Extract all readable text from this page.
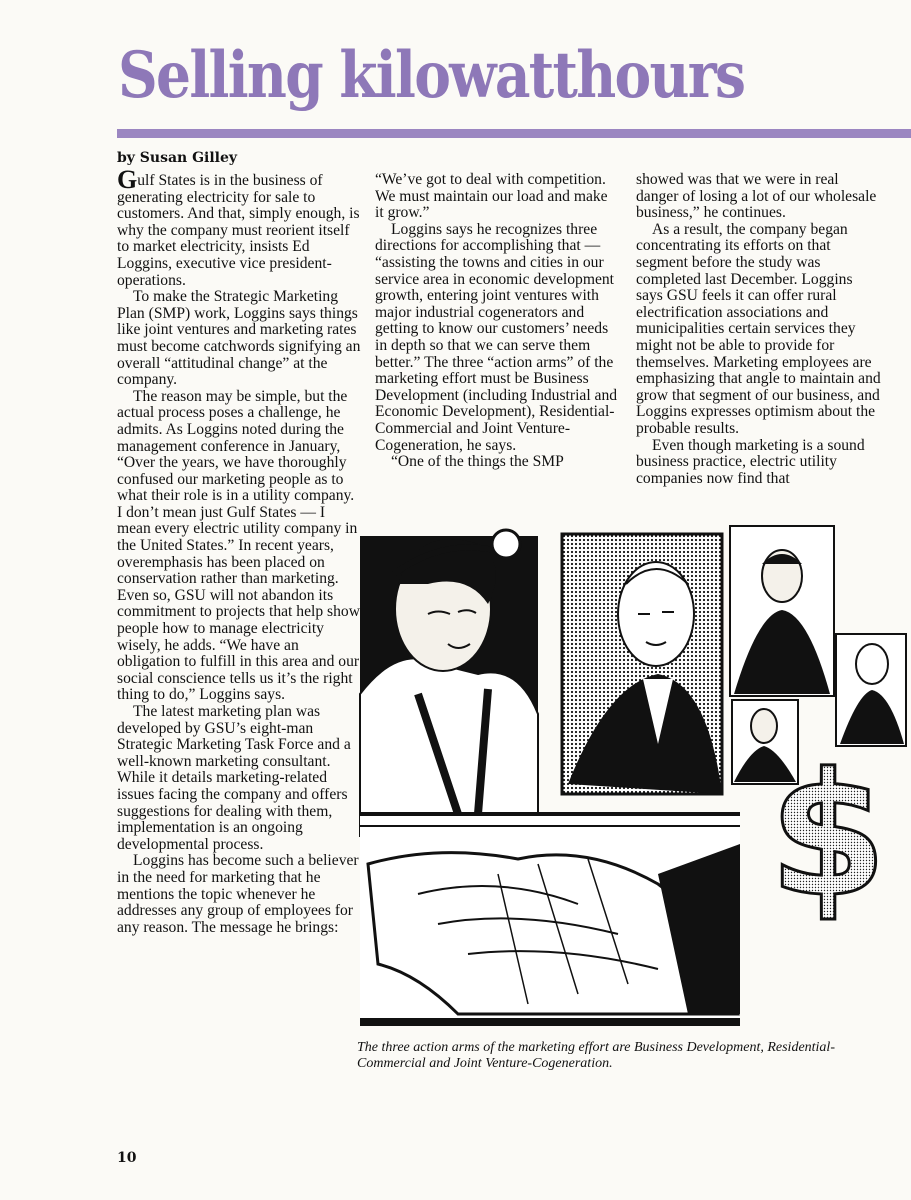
Selling kilowatthours

by Susan Gilley

Gulf States is in the business of generating electricity for sale to customers. And that, simply enough, is why the company must reorient itself to market electricity, insists Ed Loggins, executive vice president-operations.

To make the Strategic Marketing Plan (SMP) work, Loggins says things like joint ventures and marketing rates must become catchwords signifying an overall “attitudinal change” at the company.

The reason may be simple, but the actual process poses a challenge, he admits. As Loggins noted during the management conference in January, “Over the years, we have thoroughly confused our marketing people as to what their role is in a utility company. I don’t mean just Gulf States — I mean every electric utility company in the United States.” In recent years, overemphasis has been placed on conservation rather than marketing. Even so, GSU will not abandon its commitment to projects that help show people how to manage electricity wisely, he adds. “We have an obligation to fulfill in this area and our social conscience tells us it’s the right thing to do,” Loggins says.

The latest marketing plan was developed by GSU’s eight-man Strategic Marketing Task Force and a well-known marketing consultant. While it details marketing-related issues facing the company and offers suggestions for dealing with them, implementation is an ongoing developmental process.

Loggins has become such a believer in the need for marketing that he mentions the topic whenever he addresses any group of employees for any reason. The message he brings:

“We’ve got to deal with competition. We must maintain our load and make it grow.”

Loggins says he recognizes three directions for accomplishing that — “assisting the towns and cities in our service area in economic development growth, entering joint ventures with major industrial cogenerators and getting to know our customers’ needs in depth so that we can serve them better.” The three “action arms” of the marketing effort must be Business Development (including Industrial and Economic Development), Residential-Commercial and Joint Venture-Cogeneration, he says.

“One of the things the SMP

showed was that we were in real danger of losing a lot of our wholesale business,” he continues.

As a result, the company began concentrating its efforts on that segment before the study was completed last December. Loggins says GSU feels it can offer rural electrification associations and municipalities certain services they might not be able to provide for themselves. Marketing employees are emphasizing that angle to maintain and grow that segment of our business, and Loggins expresses optimism about the probable results.

Even though marketing is a sound business practice, electric utility companies now find that

$

The three action arms of the marketing effort are Business Development, Residential-Commercial and Joint Venture-Cogeneration.

10
